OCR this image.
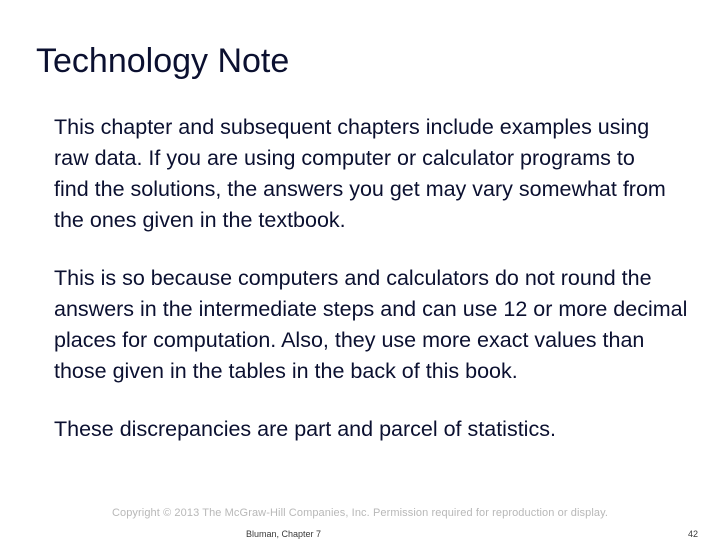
Technology Note

This chapter and subsequent chapters include examples using raw data. If you are using computer or calculator programs to find the solutions, the answers you get may vary somewhat from the ones given in the textbook.

This is so because computers and calculators do not round the answers in the intermediate steps and can use 12 or more decimal places for computation. Also, they use more exact values than those given in the tables in the back of this book.

These discrepancies are part and parcel of statistics.

Copyright © 2013 The McGraw-Hill Companies, Inc. Permission required for reproduction or display.
Bluman, Chapter 7	42
